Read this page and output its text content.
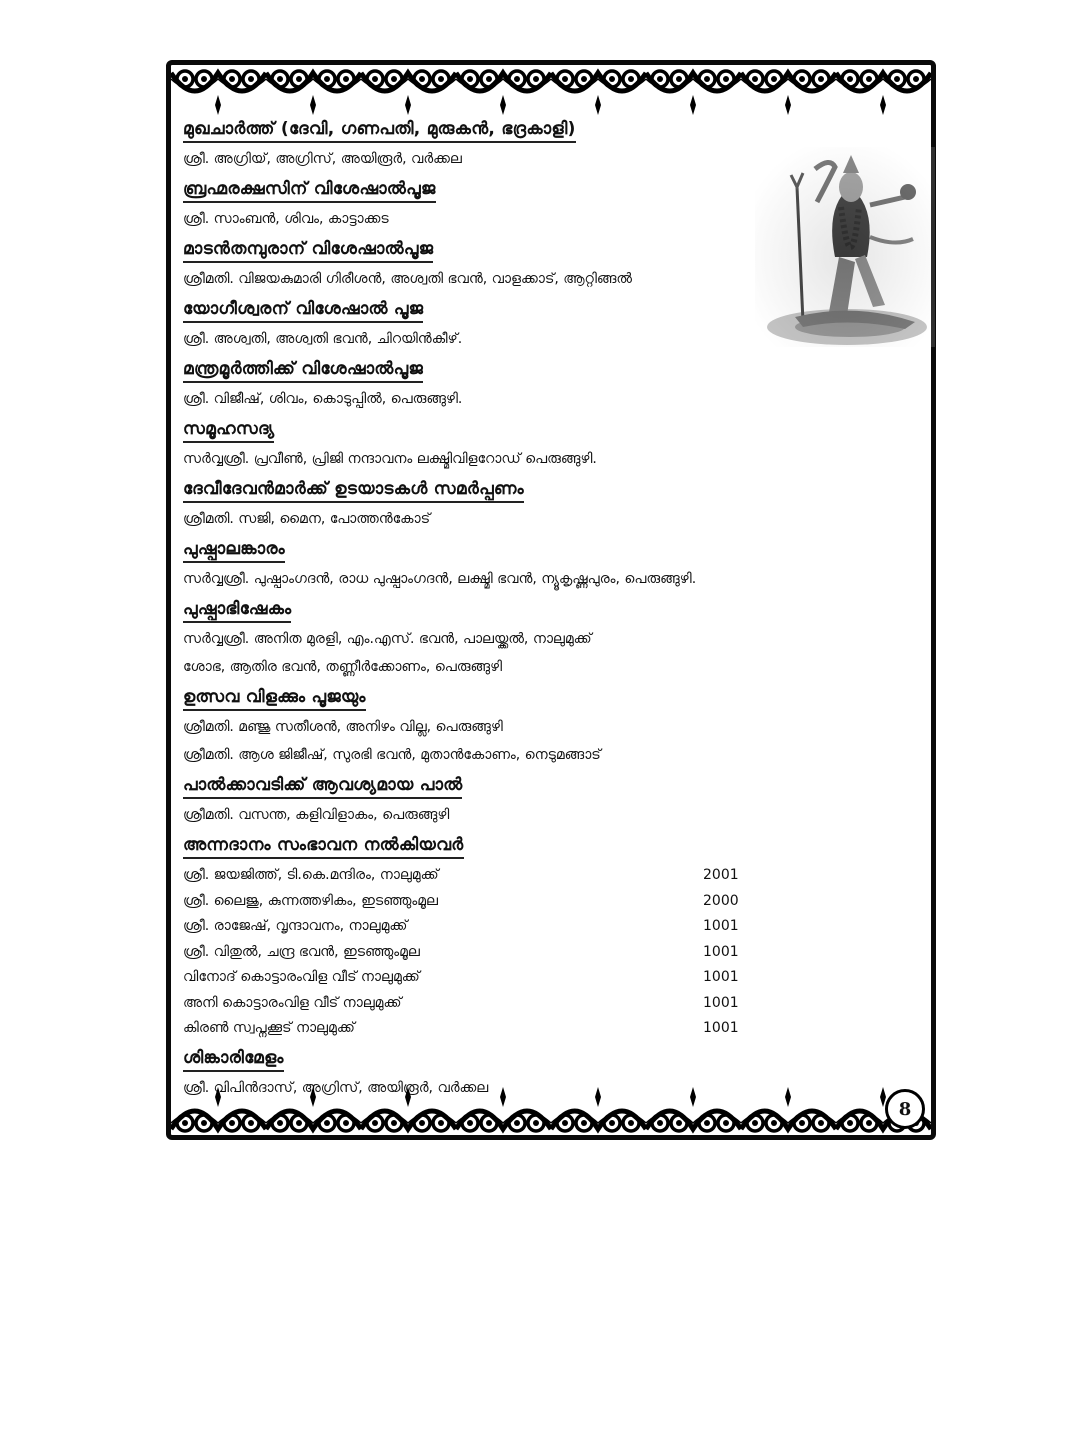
മുഖചാർത്ത് (ദേവി, ഗണപതി, മുരുകൻ, ഭദ്രകാളി)
ശ്രീ. അഗ്രിയ്, അഗ്രിസ്, അയിരൂർ, വർക്കല
ബ്രഹ്മരക്ഷസിന് വിശേഷാൽപൂജ
ശ്രീ. സാംബൻ, ശിവം, കാട്ടാക്കട
മാടൻതമ്പുരാന് വിശേഷാൽപൂജ
ശ്രീമതി. വിജയകുമാരി ഗിരീശൻ, അശ്വതി ഭവൻ, വാളക്കാട്, ആറ്റിങ്ങൽ
യോഗീശ്വരന് വിശേഷാൽ പൂജ
ശ്രീ. അശ്വതി, അശ്വതി ഭവൻ, ചിറയിൻകീഴ്.
മന്ത്രമൂർത്തിക്ക് വിശേഷാൽപൂജ
ശ്രീ. വിജീഷ്, ശിവം, കൊടുപ്പിൽ, പെരുങ്ങുഴി.
സമൂഹസദ്യ
സർവ്വശ്രീ. പ്രവീൺ, പ്രിജി നന്ദാവനം ലക്ഷ്മിവിളറോഡ് പെരുങ്ങുഴി.
ദേവീദേവൻമാർക്ക് ഉടയാടകൾ സമർപ്പണം
ശ്രീമതി. സജി, മൈന, പോത്തൻകോട്
പുഷ്പാലങ്കാരം
സർവ്വശ്രീ. പുഷ്പാംഗദൻ, രാധ പുഷ്പാംഗദൻ, ലക്ഷ്മി ഭവൻ, ന്യൂകൃഷ്ണപുരം, പെരുങ്ങുഴി.
പുഷ്പാഭിഷേകം
സർവ്വശ്രീ. അനിത മുരളി, എം.എസ്. ഭവൻ, പാലയ്ക്കൽ, നാലുമുക്ക്
ശോഭ, ആതിര ഭവൻ, തണ്ണീർക്കോണം, പെരുങ്ങുഴി
ഉത്സവ വിളക്കും പൂജയും
ശ്രീമതി. മഞ്ജു സതീശൻ, അനിഴം വില്ല, പെരുങ്ങുഴി
ശ്രീമതി. ആശ ജിജീഷ്, സുരഭി ഭവൻ, മുതാൻകോണം, നെടുമങ്ങാട്
പാൽക്കാവടിക്ക് ആവശ്യമായ പാൽ
ശ്രീമതി. വസന്ത, കളിവിളാകം, പെരുങ്ങുഴി
അന്നദാനം സംഭാവന നൽകിയവർ
ശ്രീ. ജയജിത്ത്, ടി.കെ.മന്ദിരം, നാലുമുക്ക്	2001
ശ്രീ. ലൈജു, കുന്നത്തഴികം, ഇടഞ്ഞുംമൂല	2000
ശ്രീ. രാജേഷ്, വൃന്ദാവനം, നാലുമുക്ക്	1001
ശ്രീ. വിതുൽ, ചന്ദ്ര ഭവൻ, ഇടഞ്ഞുംമൂല	1001
വിനോദ് കൊട്ടാരംവിള വീട് നാലുമുക്ക്	1001
അനി കൊട്ടാരംവിള വീട് നാലുമുക്ക്	1001
കിരൺ സ്വപ്നക്കൂട് നാലുമുക്ക്	1001
ശിങ്കാരിമേളം
8
